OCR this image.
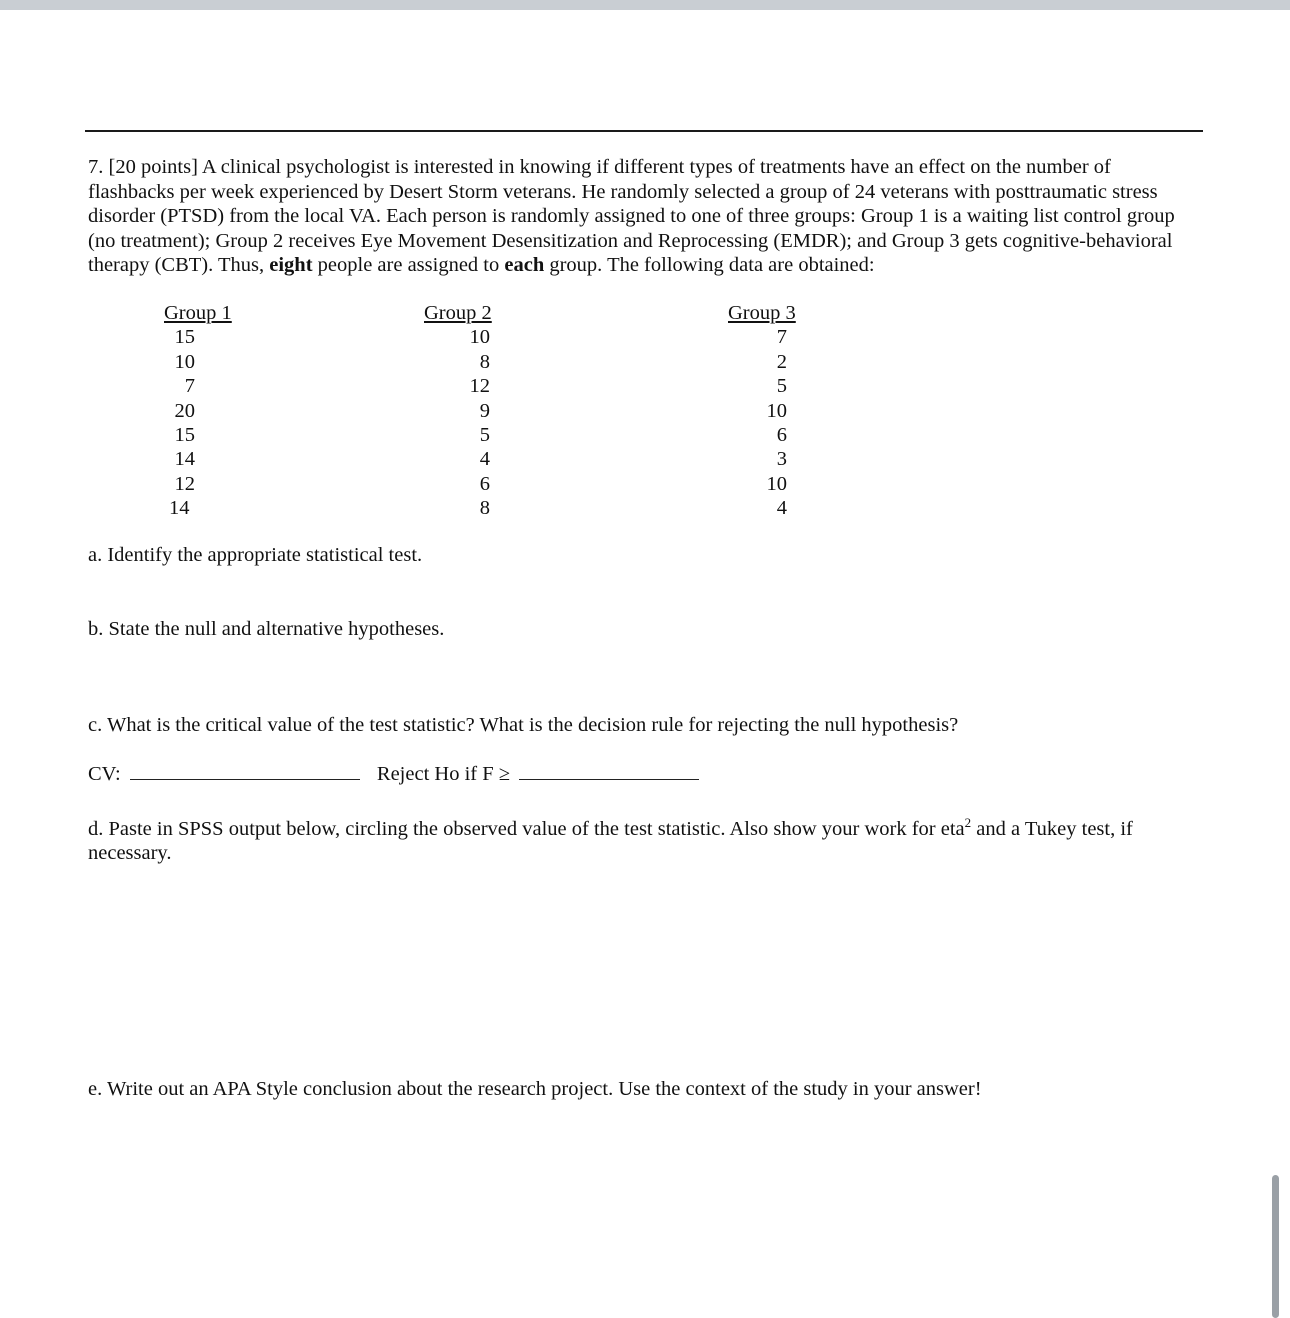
7. [20 points] A clinical psychologist is interested in knowing if different types of treatments have an effect on the number of flashbacks per week experienced by Desert Storm veterans. He randomly selected a group of 24 veterans with posttraumatic stress disorder (PTSD) from the local VA. Each person is randomly assigned to one of three groups: Group 1 is a waiting list control group (no treatment); Group 2 receives Eye Movement Desensitization and Reprocessing (EMDR); and Group 3 gets cognitive-behavioral therapy (CBT). Thus, eight people are assigned to each group. The following data are obtained:

Group 1
15
10
7
20
15
14
12
14
Group 2
10
8
12
9
5
4
6
8
Group 3
7
2
5
10
6
3
10
4

a. Identify the appropriate statistical test.

b. State the null and alternative hypotheses.

c. What is the critical value of the test statistic? What is the decision rule for rejecting the null hypothesis?

CV:	Reject Ho if F ≥

d. Paste in SPSS output below, circling the observed value of the test statistic. Also show your work for eta$^2$ and a Tukey test, if necessary.

e. Write out an APA Style conclusion about the research project. Use the context of the study in your answer!
